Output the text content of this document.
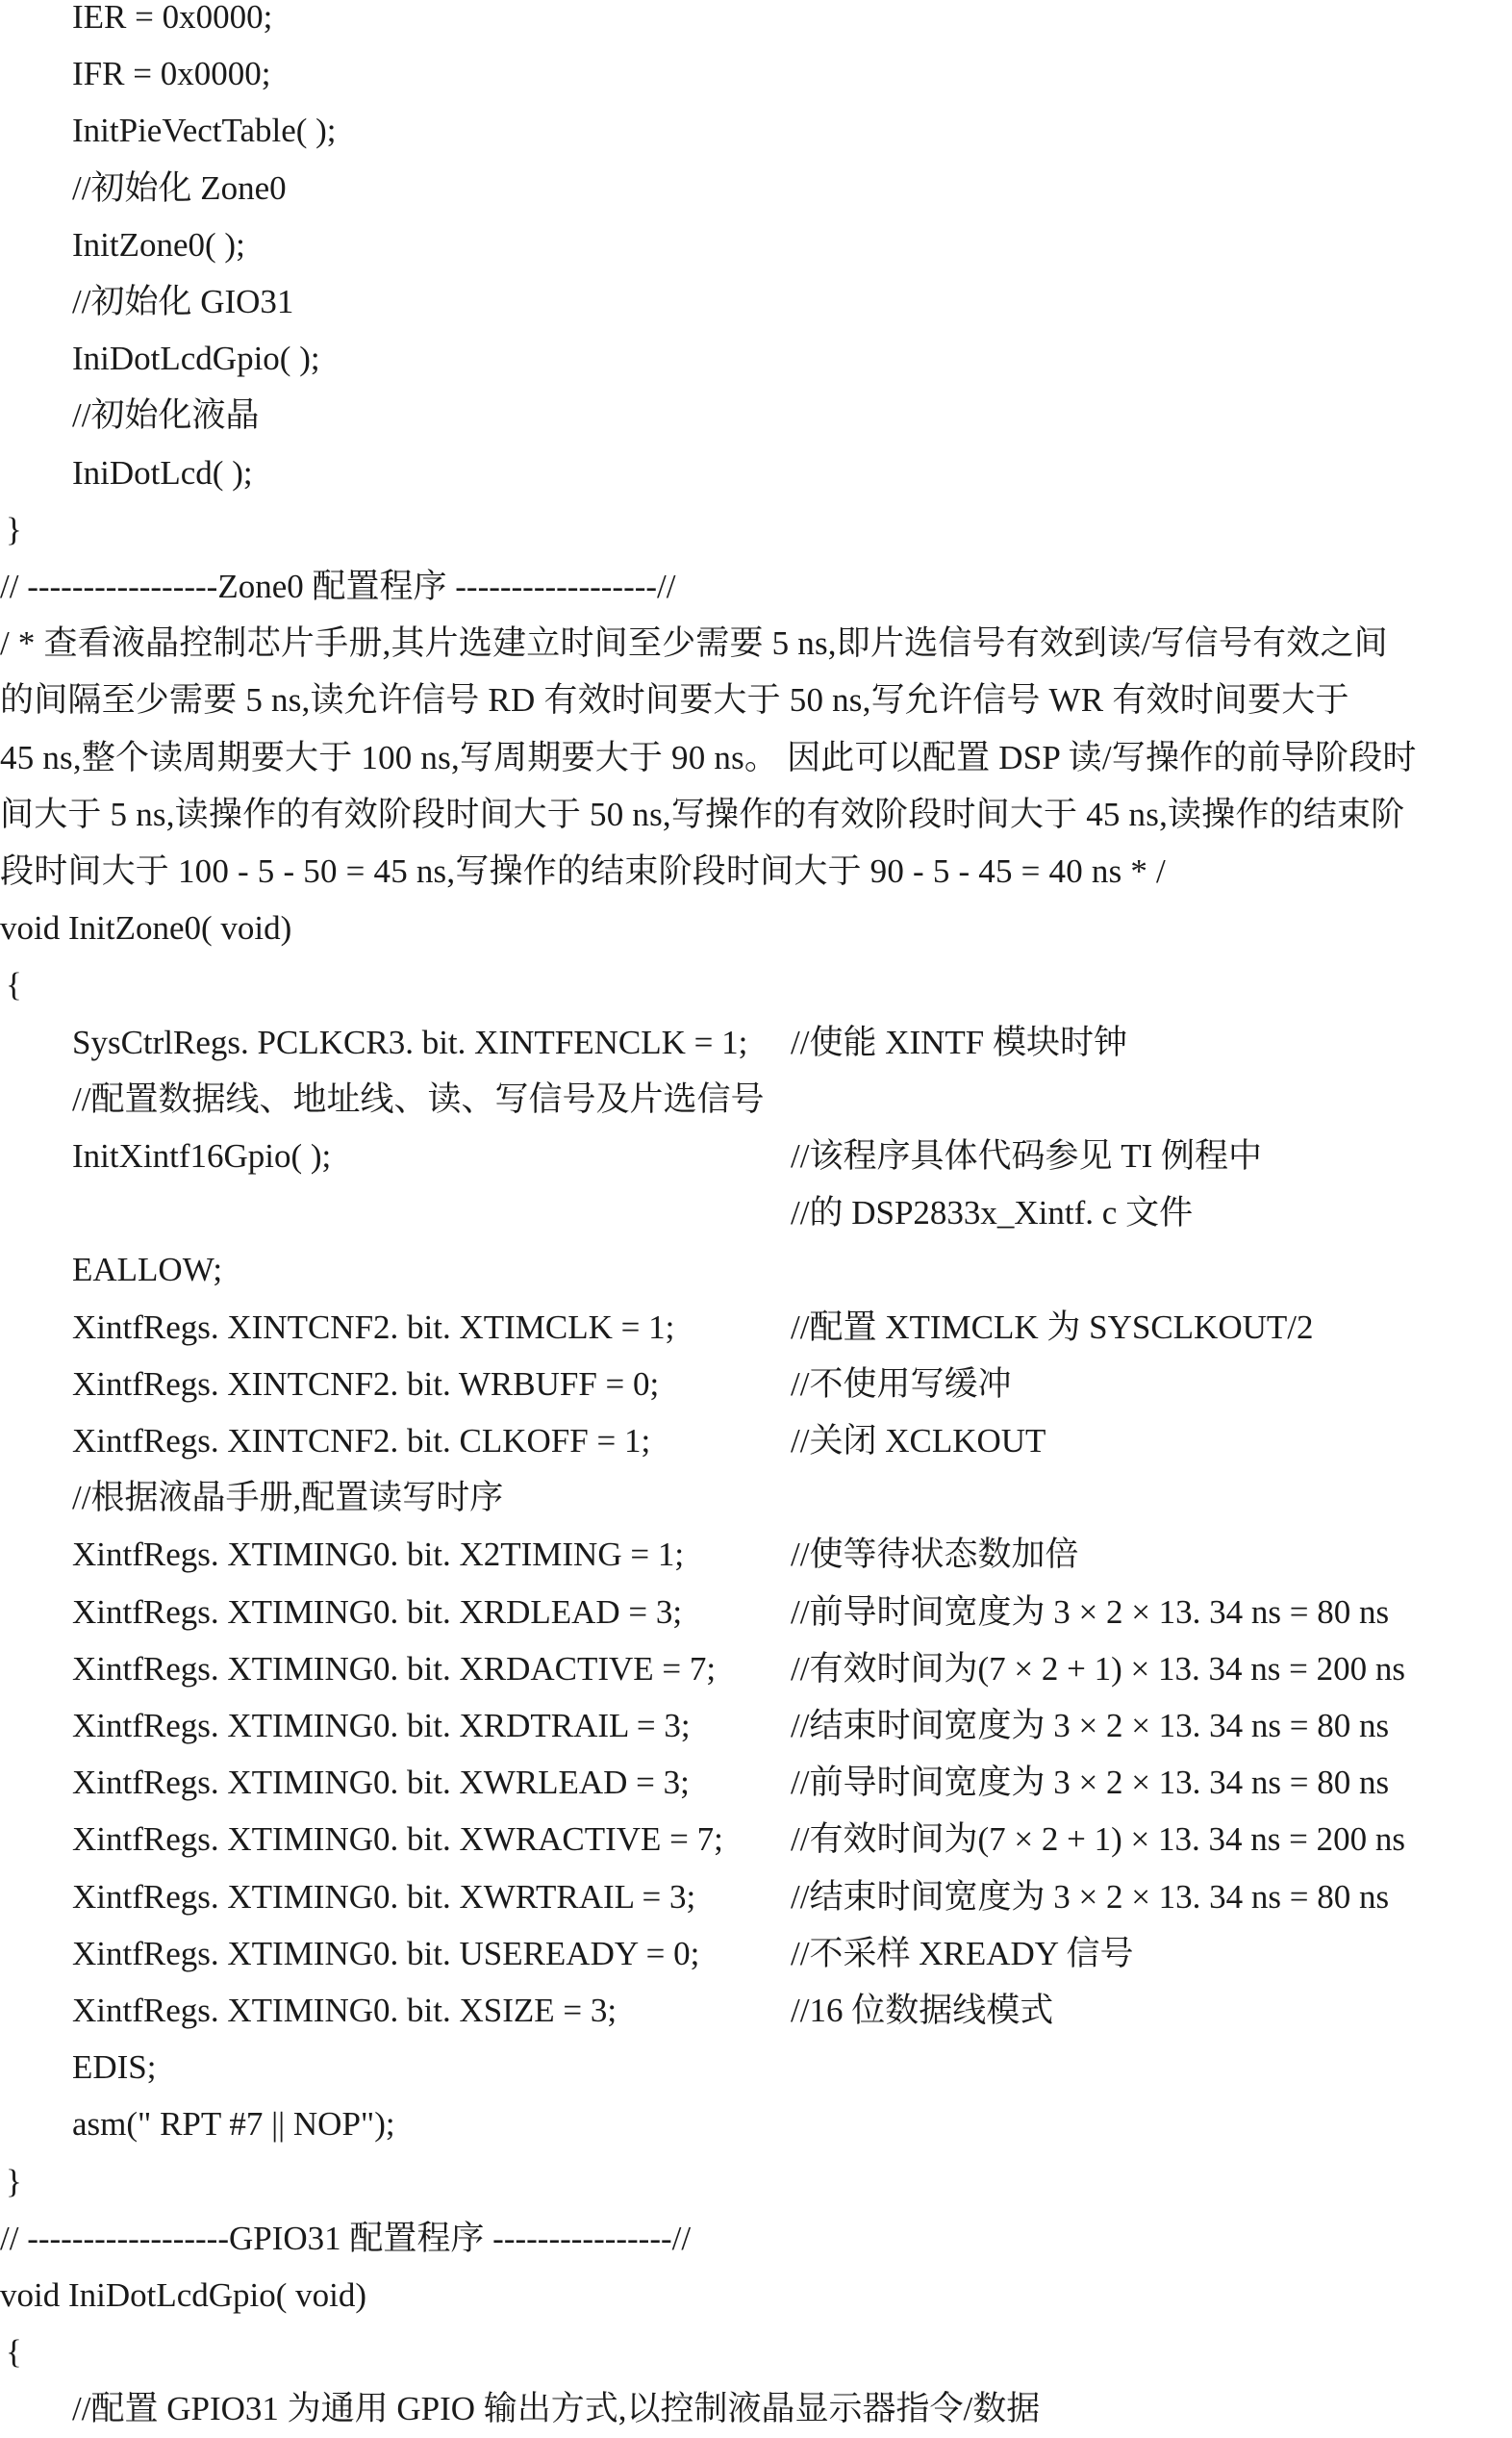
IER = 0x0000;
IFR = 0x0000;
InitPieVectTable( );
//初始化 Zone0
InitZone0( );
//初始化 GIO31
IniDotLcdGpio( );
//初始化液晶
IniDotLcd( );
}
// -----------------Zone0 配置程序 ------------------//
/ * 查看液晶控制芯片手册,其片选建立时间至少需要 5 ns,即片选信号有效到读/写信号有效之间
的间隔至少需要 5 ns,读允许信号 RD 有效时间要大于 50 ns,写允许信号 WR 有效时间要大于
45 ns,整个读周期要大于 100 ns,写周期要大于 90 ns。 因此可以配置 DSP 读/写操作的前导阶段时
间大于 5 ns,读操作的有效阶段时间大于 50 ns,写操作的有效阶段时间大于 45 ns,读操作的结束阶
段时间大于 100 - 5 - 50 = 45 ns,写操作的结束阶段时间大于 90 - 5 - 45 = 40 ns * /
void InitZone0( void)
{
SysCtrlRegs. PCLKCR3. bit. XINTFENCLK = 1; //使能 XINTF 模块时钟
//配置数据线、地址线、读、写信号及片选信号
InitXintf16Gpio( );	//该程序具体代码参见 TI 例程中
//的 DSP2833x_Xintf. c 文件
EALLOW;
XintfRegs. XINTCNF2. bit. XTIMCLK = 1;	//配置 XTIMCLK 为 SYSCLKOUT/2
XintfRegs. XINTCNF2. bit. WRBUFF = 0;	//不使用写缓冲
XintfRegs. XINTCNF2. bit. CLKOFF = 1;	//关闭 XCLKOUT
//根据液晶手册,配置读写时序
XintfRegs. XTIMING0. bit. X2TIMING = 1;	//使等待状态数加倍
XintfRegs. XTIMING0. bit. XRDLEAD = 3;	//前导时间宽度为 3 × 2 × 13. 34 ns = 80 ns
XintfRegs. XTIMING0. bit. XRDACTIVE = 7; //有效时间为(7 × 2 + 1) × 13. 34 ns = 200 ns
XintfRegs. XTIMING0. bit. XRDTRAIL = 3;	//结束时间宽度为 3 × 2 × 13. 34 ns = 80 ns
XintfRegs. XTIMING0. bit. XWRLEAD = 3;	//前导时间宽度为 3 × 2 × 13. 34 ns = 80 ns
XintfRegs. XTIMING0. bit. XWRACTIVE = 7; //有效时间为(7 × 2 + 1) × 13. 34 ns = 200 ns
XintfRegs. XTIMING0. bit. XWRTRAIL = 3;	//结束时间宽度为 3 × 2 × 13. 34 ns = 80 ns
XintfRegs. XTIMING0. bit. USEREADY = 0;	//不采样 XREADY 信号
XintfRegs. XTIMING0. bit. XSIZE = 3;	//16 位数据线模式
EDIS;
asm(" RPT #7 || NOP");
}
// ------------------GPIO31 配置程序 ----------------//
void IniDotLcdGpio( void)
{
//配置 GPIO31 为通用 GPIO 输出方式,以控制液晶显示器指令/数据
